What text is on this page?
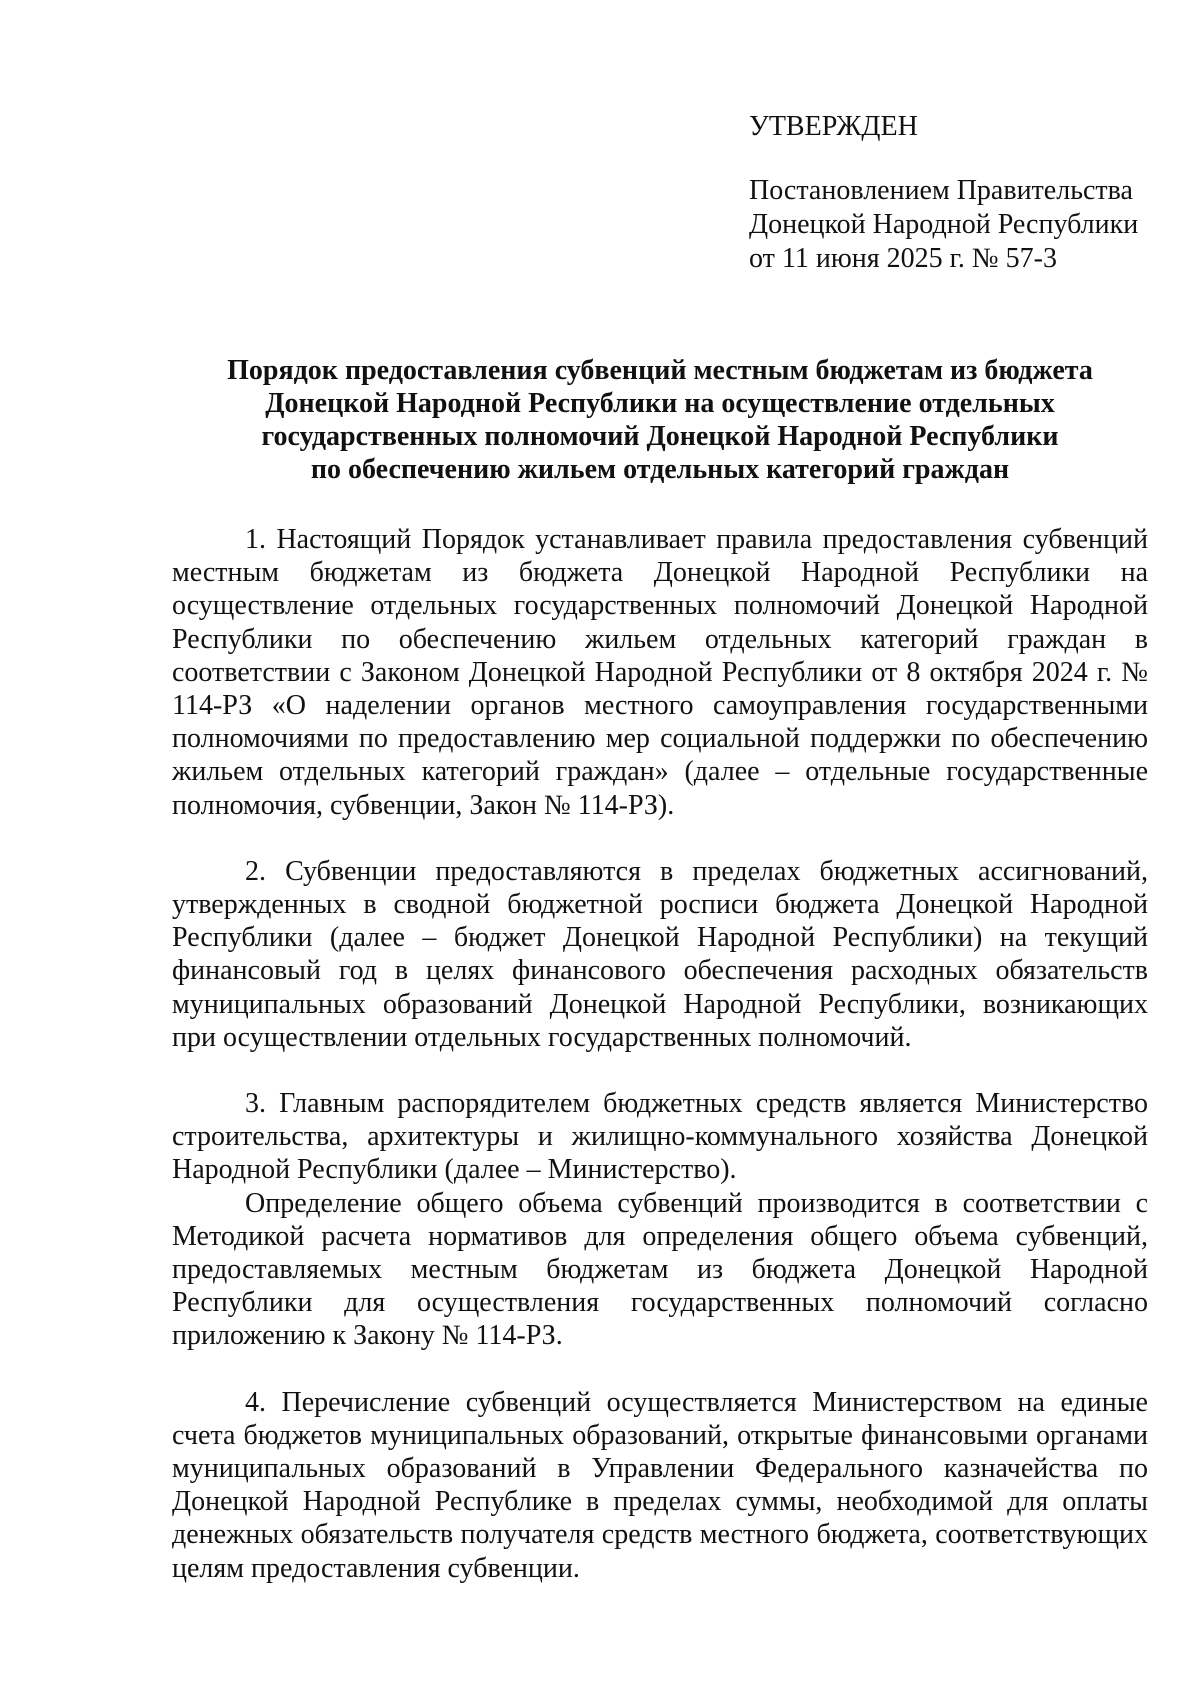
УТВЕРЖДЕН
Постановлением Правительства
Донецкой Народной Республики
от 11 июня 2025 г. № 57-3
Порядок предоставления субвенций местным бюджетам из бюджета
Донецкой Народной Республики на осуществление отдельных
государственных полномочий Донецкой Народной Республики
по обеспечению жильем отдельных категорий граждан

1. Настоящий Порядок устанавливает правила предоставления субвенций местным бюджетам из бюджета Донецкой Народной Республики на осуществление отдельных государственных полномочий Донецкой Народной Республики по обеспечению жильем отдельных категорий граждан в соответствии с Законом Донецкой Народной Республики от 8 октября 2024 г. № 114-РЗ «О наделении органов местного самоуправления государственными полномочиями по предоставлению мер социальной поддержки по обеспечению жильем отдельных категорий граждан» (далее – отдельные государственные полномочия, субвенции, Закон № 114-РЗ).

2. Субвенции предоставляются в пределах бюджетных ассигнований, утвержденных в сводной бюджетной росписи бюджета Донецкой Народной Республики (далее – бюджет Донецкой Народной Республики) на текущий финансовый год в целях финансового обеспечения расходных обязательств муниципальных образований Донецкой Народной Республики, возникающих при осуществлении отдельных государственных полномочий.

3. Главным распорядителем бюджетных средств является Министерство строительства, архитектуры и жилищно-коммунального хозяйства Донецкой Народной Республики (далее – Министерство).

Определение общего объема субвенций производится в соответствии с Методикой расчета нормативов для определения общего объема субвенций, предоставляемых местным бюджетам из бюджета Донецкой Народной Республики для осуществления государственных полномочий согласно приложению к Закону № 114-РЗ.

4. Перечисление субвенций осуществляется Министерством на единые счета бюджетов муниципальных образований, открытые финансовыми органами муниципальных образований в Управлении Федерального казначейства по Донецкой Народной Республике в пределах суммы, необходимой для оплаты денежных обязательств получателя средств местного бюджета, соответствующих целям предоставления субвенции.
